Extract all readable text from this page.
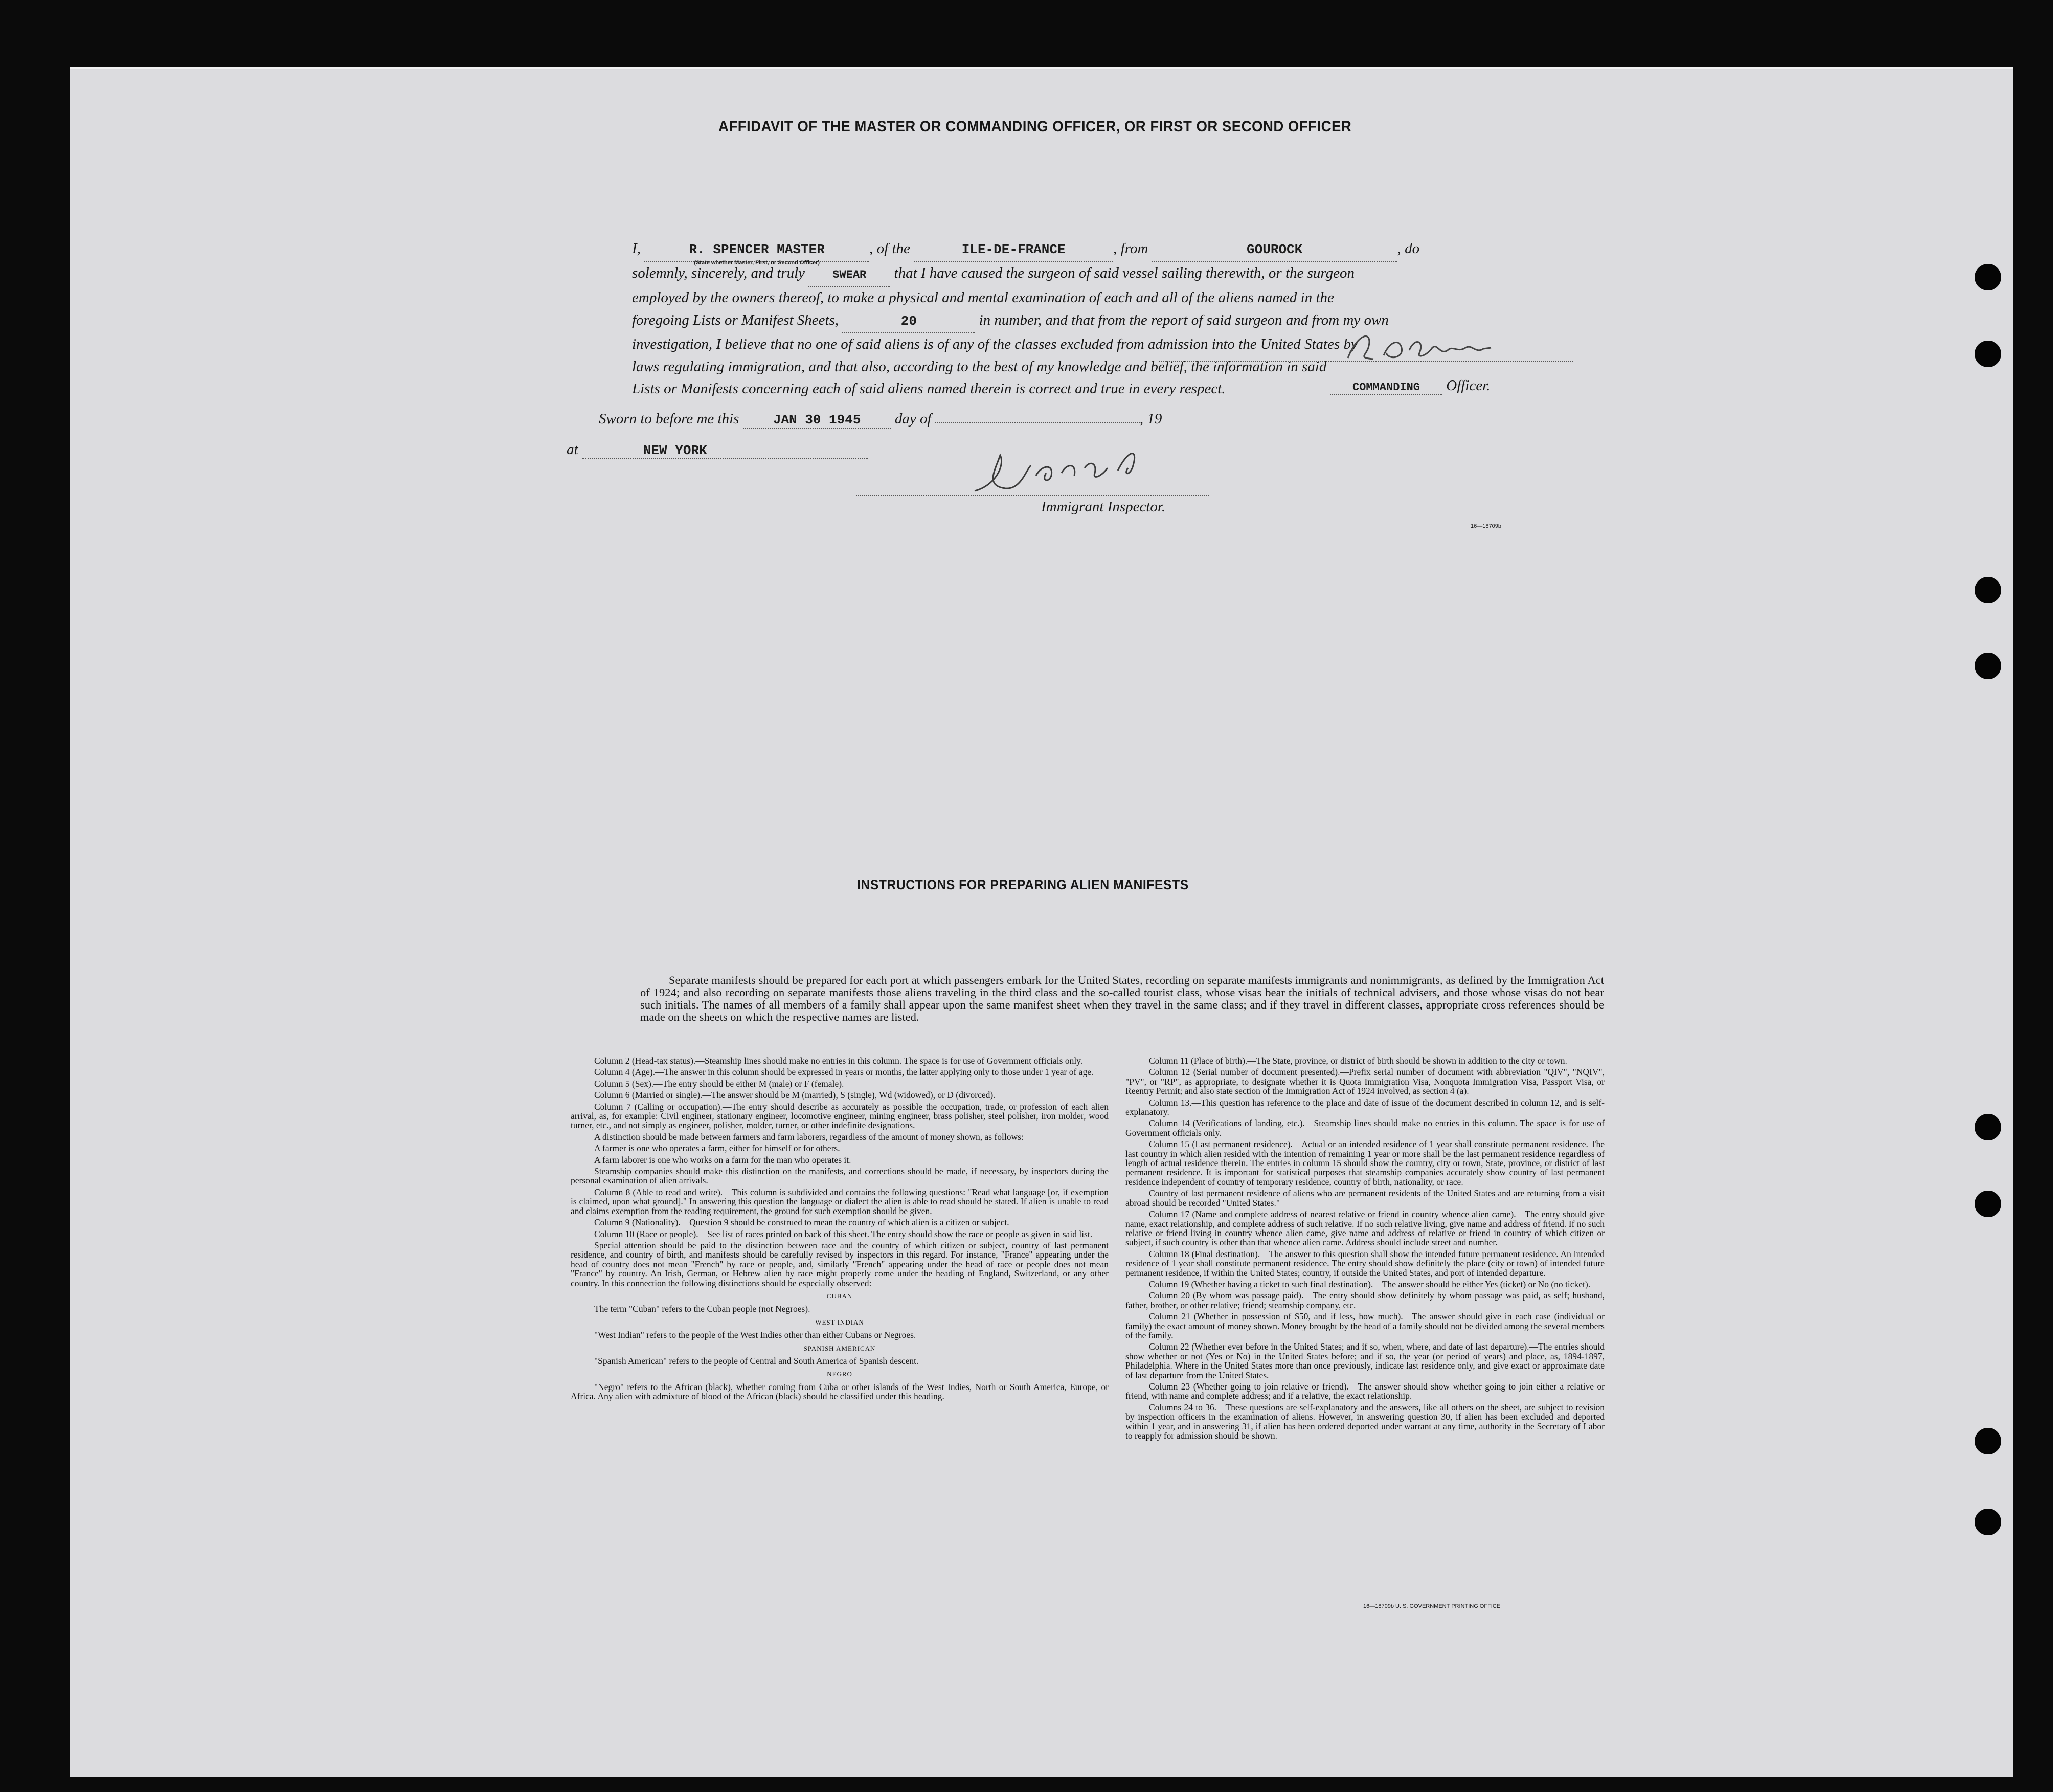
AFFIDAVIT OF THE MASTER OR COMMANDING OFFICER, OR FIRST OR SECOND OFFICER

I,	R. SPENCER MASTER
(State whether Master, First, or Second Officer)
, of the	ILE-DE-FRANCE	, from	GOUROCK	, do

solemnly, sincerely, and truly SWEAR that I have caused the surgeon of said vessel sailing therewith, or the surgeon

employed by the owners thereof, to make a physical and mental examination of each and all of the aliens named in the

foregoing Lists or Manifest Sheets,	20	in number, and that from the report of said surgeon and from my own

investigation, I believe that no one of said aliens is of any of the classes excluded from admission into the United States by

laws regulating immigration, and that also, according to the best of my knowledge and belief, the information in said

Lists or Manifests concerning each of said aliens named therein is correct and true in every respect.	COMMANDING Officer.
Sworn to before me this	JAN 30 1945 day of	, 19
at	NEW YORK
Immigrant Inspector.
16—18709b
INSTRUCTIONS FOR PREPARING ALIEN MANIFESTS

Separate manifests should be prepared for each port at which passengers embark for the United States, recording on separate manifests immigrants and nonimmigrants, as defined by the Immigration Act of 1924; and also recording on separate manifests those aliens traveling in the third class and the so-called tourist class, whose visas bear the initials of technical advisers, and those whose visas do not bear such initials. The names of all members of a family shall appear upon the same manifest sheet when they travel in the same class; and if they travel in different classes, appropriate cross references should be made on the sheets on which the respective names are listed.

Column 2 (Head-tax status).—Steamship lines should make no entries in this column. The space is for use of Government officials only.

Column 4 (Age).—The answer in this column should be expressed in years or months, the latter applying only to those under 1 year of age.

Column 5 (Sex).—The entry should be either M (male) or F (female).

Column 6 (Married or single).—The answer should be M (married), S (single), Wd (widowed), or D (divorced).

Column 7 (Calling or occupation).—The entry should describe as accurately as possible the occupation, trade, or profession of each alien arrival, as, for example: Civil engineer, stationary engineer, locomotive engineer, mining engineer, brass polisher, steel polisher, iron molder, wood turner, etc., and not simply as engineer, polisher, molder, turner, or other indefinite designations.

A distinction should be made between farmers and farm laborers, regardless of the amount of money shown, as follows:

A farmer is one who operates a farm, either for himself or for others.

A farm laborer is one who works on a farm for the man who operates it.

Steamship companies should make this distinction on the manifests, and corrections should be made, if necessary, by inspectors during the personal examination of alien arrivals.

Column 8 (Able to read and write).—This column is subdivided and contains the following questions: "Read what language [or, if exemption is claimed, upon what ground]." In answering this question the language or dialect the alien is able to read should be stated. If alien is unable to read and claims exemption from the reading requirement, the ground for such exemption should be given.

Column 9 (Nationality).—Question 9 should be construed to mean the country of which alien is a citizen or subject.

Column 10 (Race or people).—See list of races printed on back of this sheet. The entry should show the race or people as given in said list.

Special attention should be paid to the distinction between race and the country of which citizen or subject, country of last permanent residence, and country of birth, and manifests should be carefully revised by inspectors in this regard. For instance, "France" appearing under the head of country does not mean "French" by race or people, and, similarly "French" appearing under the head of race or people does not mean "France" by country. An Irish, German, or Hebrew alien by race might properly come under the heading of England, Switzerland, or any other country. In this connection the following distinctions should be especially observed:

CUBAN

The term "Cuban" refers to the Cuban people (not Negroes).

WEST INDIAN

"West Indian" refers to the people of the West Indies other than either Cubans or Negroes.

SPANISH AMERICAN

"Spanish American" refers to the people of Central and South America of Spanish descent.

NEGRO

"Negro" refers to the African (black), whether coming from Cuba or other islands of the West Indies, North or South America, Europe, or Africa. Any alien with admixture of blood of the African (black) should be classified under this heading.

Column 11 (Place of birth).—The State, province, or district of birth should be shown in addition to the city or town.

Column 12 (Serial number of document presented).—Prefix serial number of document with abbreviation "QIV", "NQIV", "PV", or "RP", as appropriate, to designate whether it is Quota Immigration Visa, Nonquota Immigration Visa, Passport Visa, or Reentry Permit; and also state section of the Immigration Act of 1924 involved, as section 4 (a).

Column 13.—This question has reference to the place and date of issue of the document described in column 12, and is self-explanatory.

Column 14 (Verifications of landing, etc.).—Steamship lines should make no entries in this column. The space is for use of Government officials only.

Column 15 (Last permanent residence).—Actual or an intended residence of 1 year shall constitute permanent residence. The last country in which alien resided with the intention of remaining 1 year or more shall be the last permanent residence regardless of length of actual residence therein. The entries in column 15 should show the country, city or town, State, province, or district of last permanent residence. It is important for statistical purposes that steamship companies accurately show country of last permanent residence independent of country of temporary residence, country of birth, nationality, or race.

Country of last permanent residence of aliens who are permanent residents of the United States and are returning from a visit abroad should be recorded "United States."

Column 17 (Name and complete address of nearest relative or friend in country whence alien came).—The entry should give name, exact relationship, and complete address of such relative. If no such relative living, give name and address of friend. If no such relative or friend living in country whence alien came, give name and address of relative or friend in country of which citizen or subject, if such country is other than that whence alien came. Address should include street and number.

Column 18 (Final destination).—The answer to this question shall show the intended future permanent residence. An intended residence of 1 year shall constitute permanent residence. The entry should show definitely the place (city or town) of intended future permanent residence, if within the United States; country, if outside the United States, and port of intended departure.

Column 19 (Whether having a ticket to such final destination).—The answer should be either Yes (ticket) or No (no ticket).

Column 20 (By whom was passage paid).—The entry should show definitely by whom passage was paid, as self; husband, father, brother, or other relative; friend; steamship company, etc.

Column 21 (Whether in possession of $50, and if less, how much).—The answer should give in each case (individual or family) the exact amount of money shown. Money brought by the head of a family should not be divided among the several members of the family.

Column 22 (Whether ever before in the United States; and if so, when, where, and date of last departure).—The entries should show whether or not (Yes or No) in the United States before; and if so, the year (or period of years) and place, as, 1894-1897, Philadelphia. Where in the United States more than once previously, indicate last residence only, and give exact or approximate date of last departure from the United States.

Column 23 (Whether going to join relative or friend).—The answer should show whether going to join either a relative or friend, with name and complete address; and if a relative, the exact relationship.

Columns 24 to 36.—These questions are self-explanatory and the answers, like all others on the sheet, are subject to revision by inspection officers in the examination of aliens. However, in answering question 30, if alien has been excluded and deported within 1 year, and in answering 31, if alien has been ordered deported under warrant at any time, authority in the Secretary of Labor to reapply for admission should be shown.

16—18709b U. S. GOVERNMENT PRINTING OFFICE
